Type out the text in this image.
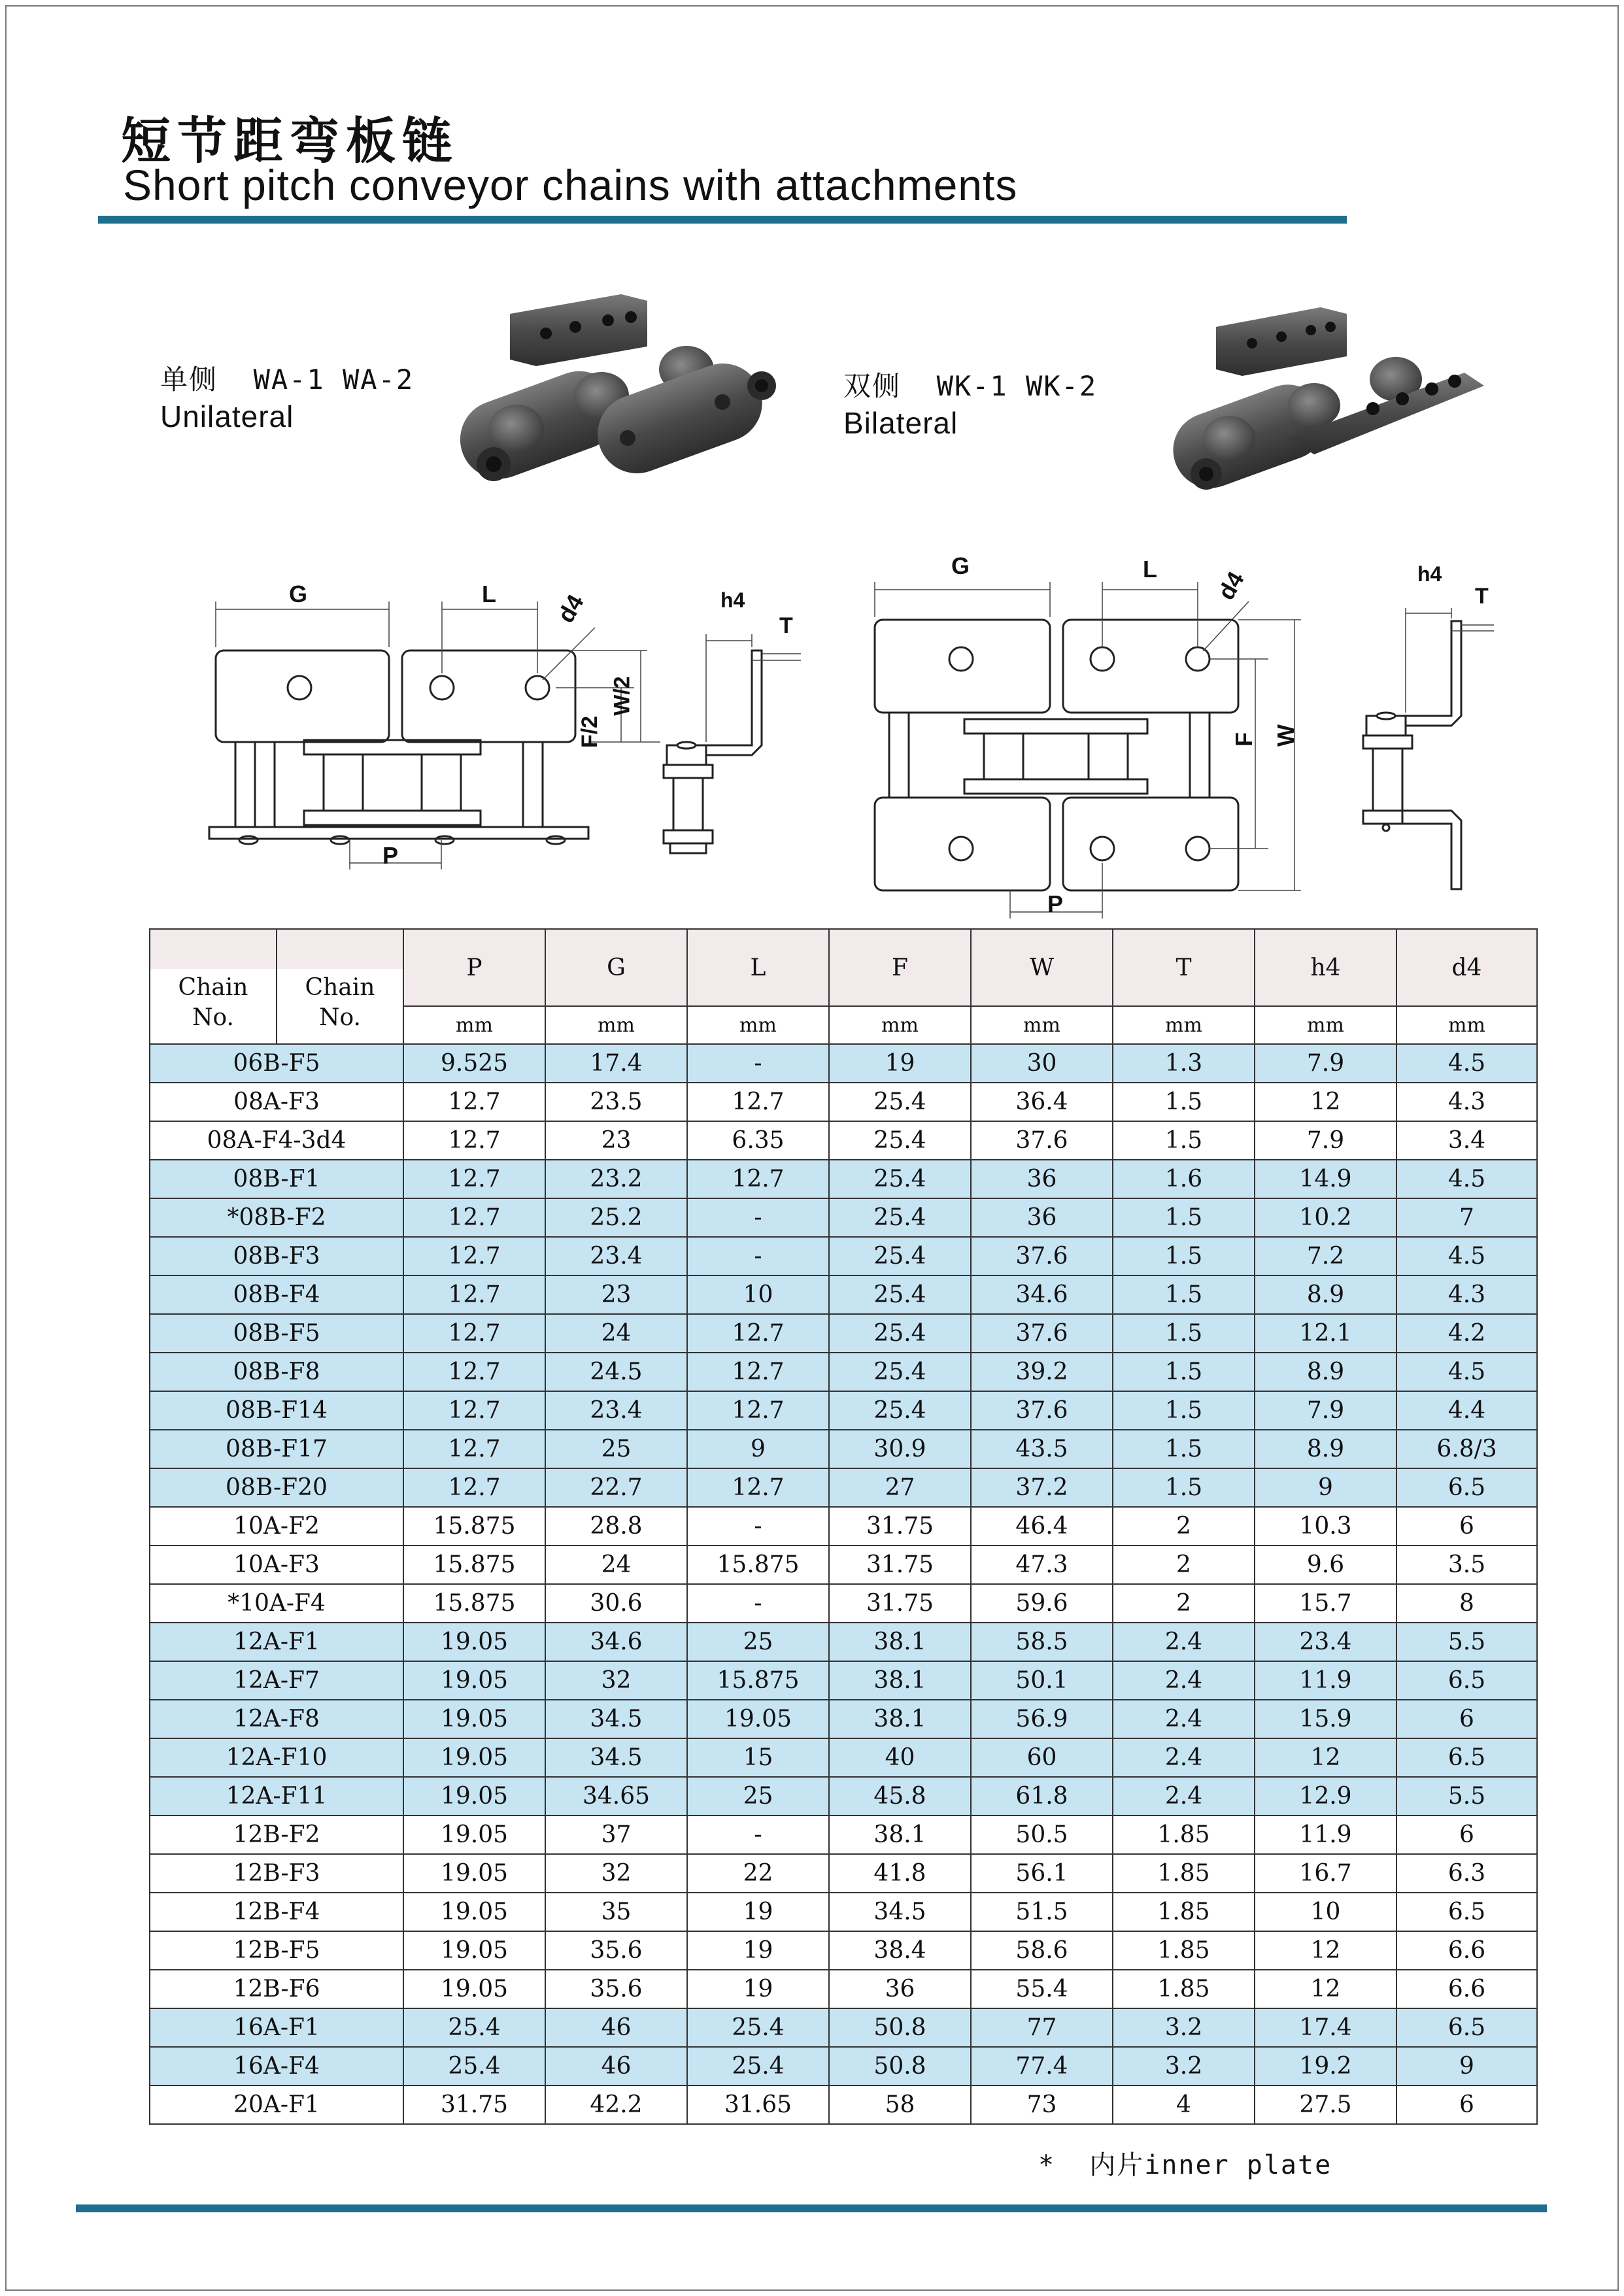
短节距弯板链
Short pitch conveyor chains with attachments
单侧  WA-1 WA-2
Unilateral
双侧  WK-1 WK-2
Bilateral
G	L d4
F/2
W/2
P
h4
T
G	L d4
F W
P
h4
T
Chain No.	Chain No.	P	G	L	F	W	T	h4	d4
		mm	mm	mm	mm	mm	mm	mm	mm
06B-F5		9.525	17.4	-	19	30	1.3	7.9	4.5
08A-F3		12.7	23.5	12.7	25.4	36.4	1.5	12	4.3
08A-F4-3d4		12.7	23	6.35	25.4	37.6	1.5	7.9	3.4
08B-F1		12.7	23.2	12.7	25.4	36	1.6	14.9	4.5
*08B-F2		12.7	25.2	-	25.4	36	1.5	10.2	7
08B-F3		12.7	23.4	-	25.4	37.6	1.5	7.2	4.5
08B-F4		12.7	23	10	25.4	34.6	1.5	8.9	4.3
08B-F5		12.7	24	12.7	25.4	37.6	1.5	12.1	4.2
08B-F8		12.7	24.5	12.7	25.4	39.2	1.5	8.9	4.5
08B-F14		12.7	23.4	12.7	25.4	37.6	1.5	7.9	4.4
08B-F17		12.7	25	9	30.9	43.5	1.5	8.9	6.8/3
08B-F20		12.7	22.7	12.7	27	37.2	1.5	9	6.5
10A-F2		15.875	28.8	-	31.75	46.4	2	10.3	6
10A-F3		15.875	24	15.875	31.75	47.3	2	9.6	3.5
*10A-F4		15.875	30.6	-	31.75	59.6	2	15.7	8
12A-F1		19.05	34.6	25	38.1	58.5	2.4	23.4	5.5
12A-F7		19.05	32	15.875	38.1	50.1	2.4	11.9	6.5
12A-F8		19.05	34.5	19.05	38.1	56.9	2.4	15.9	6
12A-F10		19.05	34.5	15	40	60	2.4	12	6.5
12A-F11		19.05	34.65	25	45.8	61.8	2.4	12.9	5.5
12B-F2		19.05	37	-	38.1	50.5	1.85	11.9	6
12B-F3		19.05	32	22	41.8	56.1	1.85	16.7	6.3
12B-F4		19.05	35	19	34.5	51.5	1.85	10	6.5
12B-F5		19.05	35.6	19	38.4	58.6	1.85	12	6.6
12B-F6		19.05	35.6	19	36	55.4	1.85	12	6.6
16A-F1		25.4	46	25.4	50.8	77	3.2	17.4	6.5
16A-F4		25.4	46	25.4	50.8	77.4	3.2	19.2	9
20A-F1		31.75	42.2	31.65	58	73	4	27.5	6
*  内片inner plate
